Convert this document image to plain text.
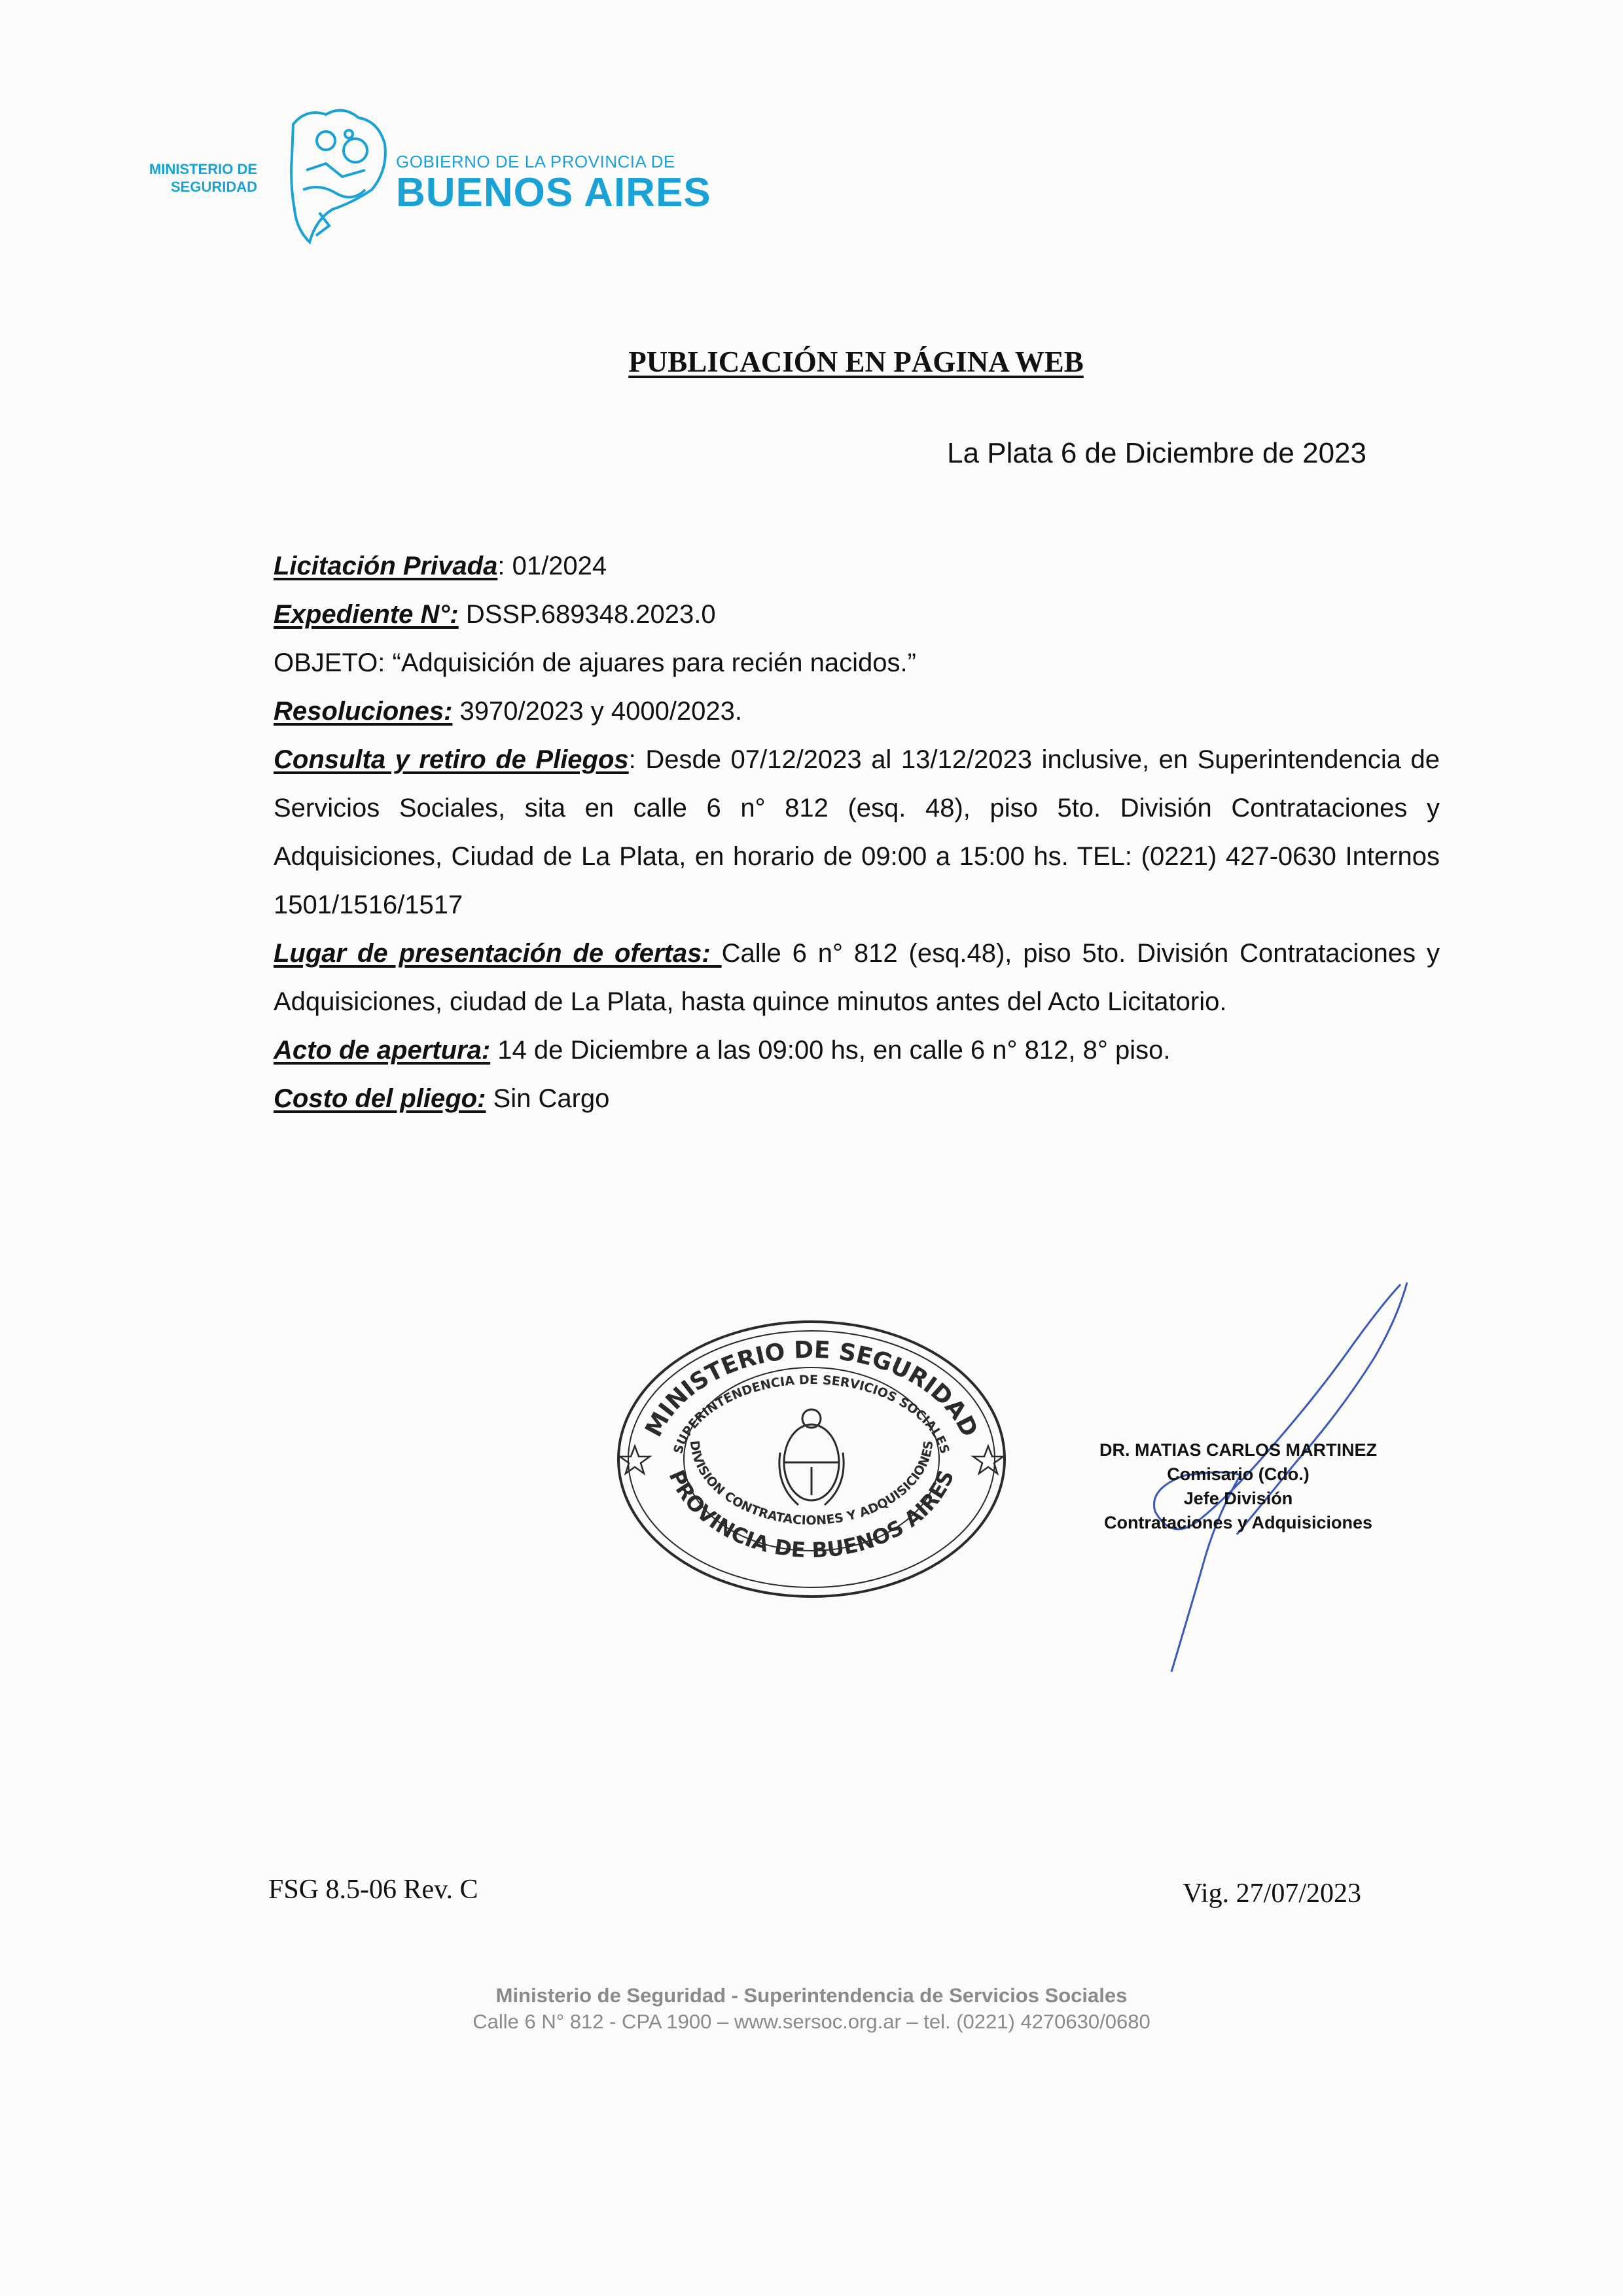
MINISTERIO DE
SEGURIDAD
GOBIERNO DE LA PROVINCIA DE
BUENOS AIRES
PUBLICACIÓN EN PÁGINA WEB
La Plata 6 de Diciembre de 2023

Licitación Privada: 01/2024

Expediente N°: DSSP.689348.2023.0

OBJETO: “Adquisición de ajuares para recién nacidos.”

Resoluciones: 3970/2023 y 4000/2023.

Consulta y retiro de Pliegos: Desde 07/12/2023 al 13/12/2023 inclusive, en Superintendencia de Servicios Sociales, sita en calle 6 n° 812 (esq. 48), piso 5to. División Contrataciones y Adquisiciones, Ciudad de La Plata, en horario de 09:00 a 15:00 hs. TEL: (0221) 427-0630 Internos 1501/1516/1517

Lugar de presentación de ofertas: Calle 6 n° 812 (esq.48), piso 5to. División Contrataciones y Adquisiciones, ciudad de La Plata, hasta quince minutos antes del Acto Licitatorio.

Acto de apertura: 14 de Diciembre a las 09:00 hs, en calle 6 n° 812, 8° piso.

Costo del pliego: Sin Cargo

MINISTERIO DE SEGURIDAD
SUPERINTENDENCIA DE SERVICIOS SOCIALES
DIVISION CONTRATACIONES Y ADQUISICIONES
PROVINCIA DE BUENOS AIRES
DR. MATIAS CARLOS MARTINEZ
Comisario (Cdo.)
Jefe División
Contrataciones y Adquisiciones
FSG 8.5-06 Rev. C	Vig. 27/07/2023
Ministerio de Seguridad - Superintendencia de Servicios Sociales
Calle 6 N° 812 - CPA 1900 – www.sersoc.org.ar – tel. (0221) 4270630/0680
